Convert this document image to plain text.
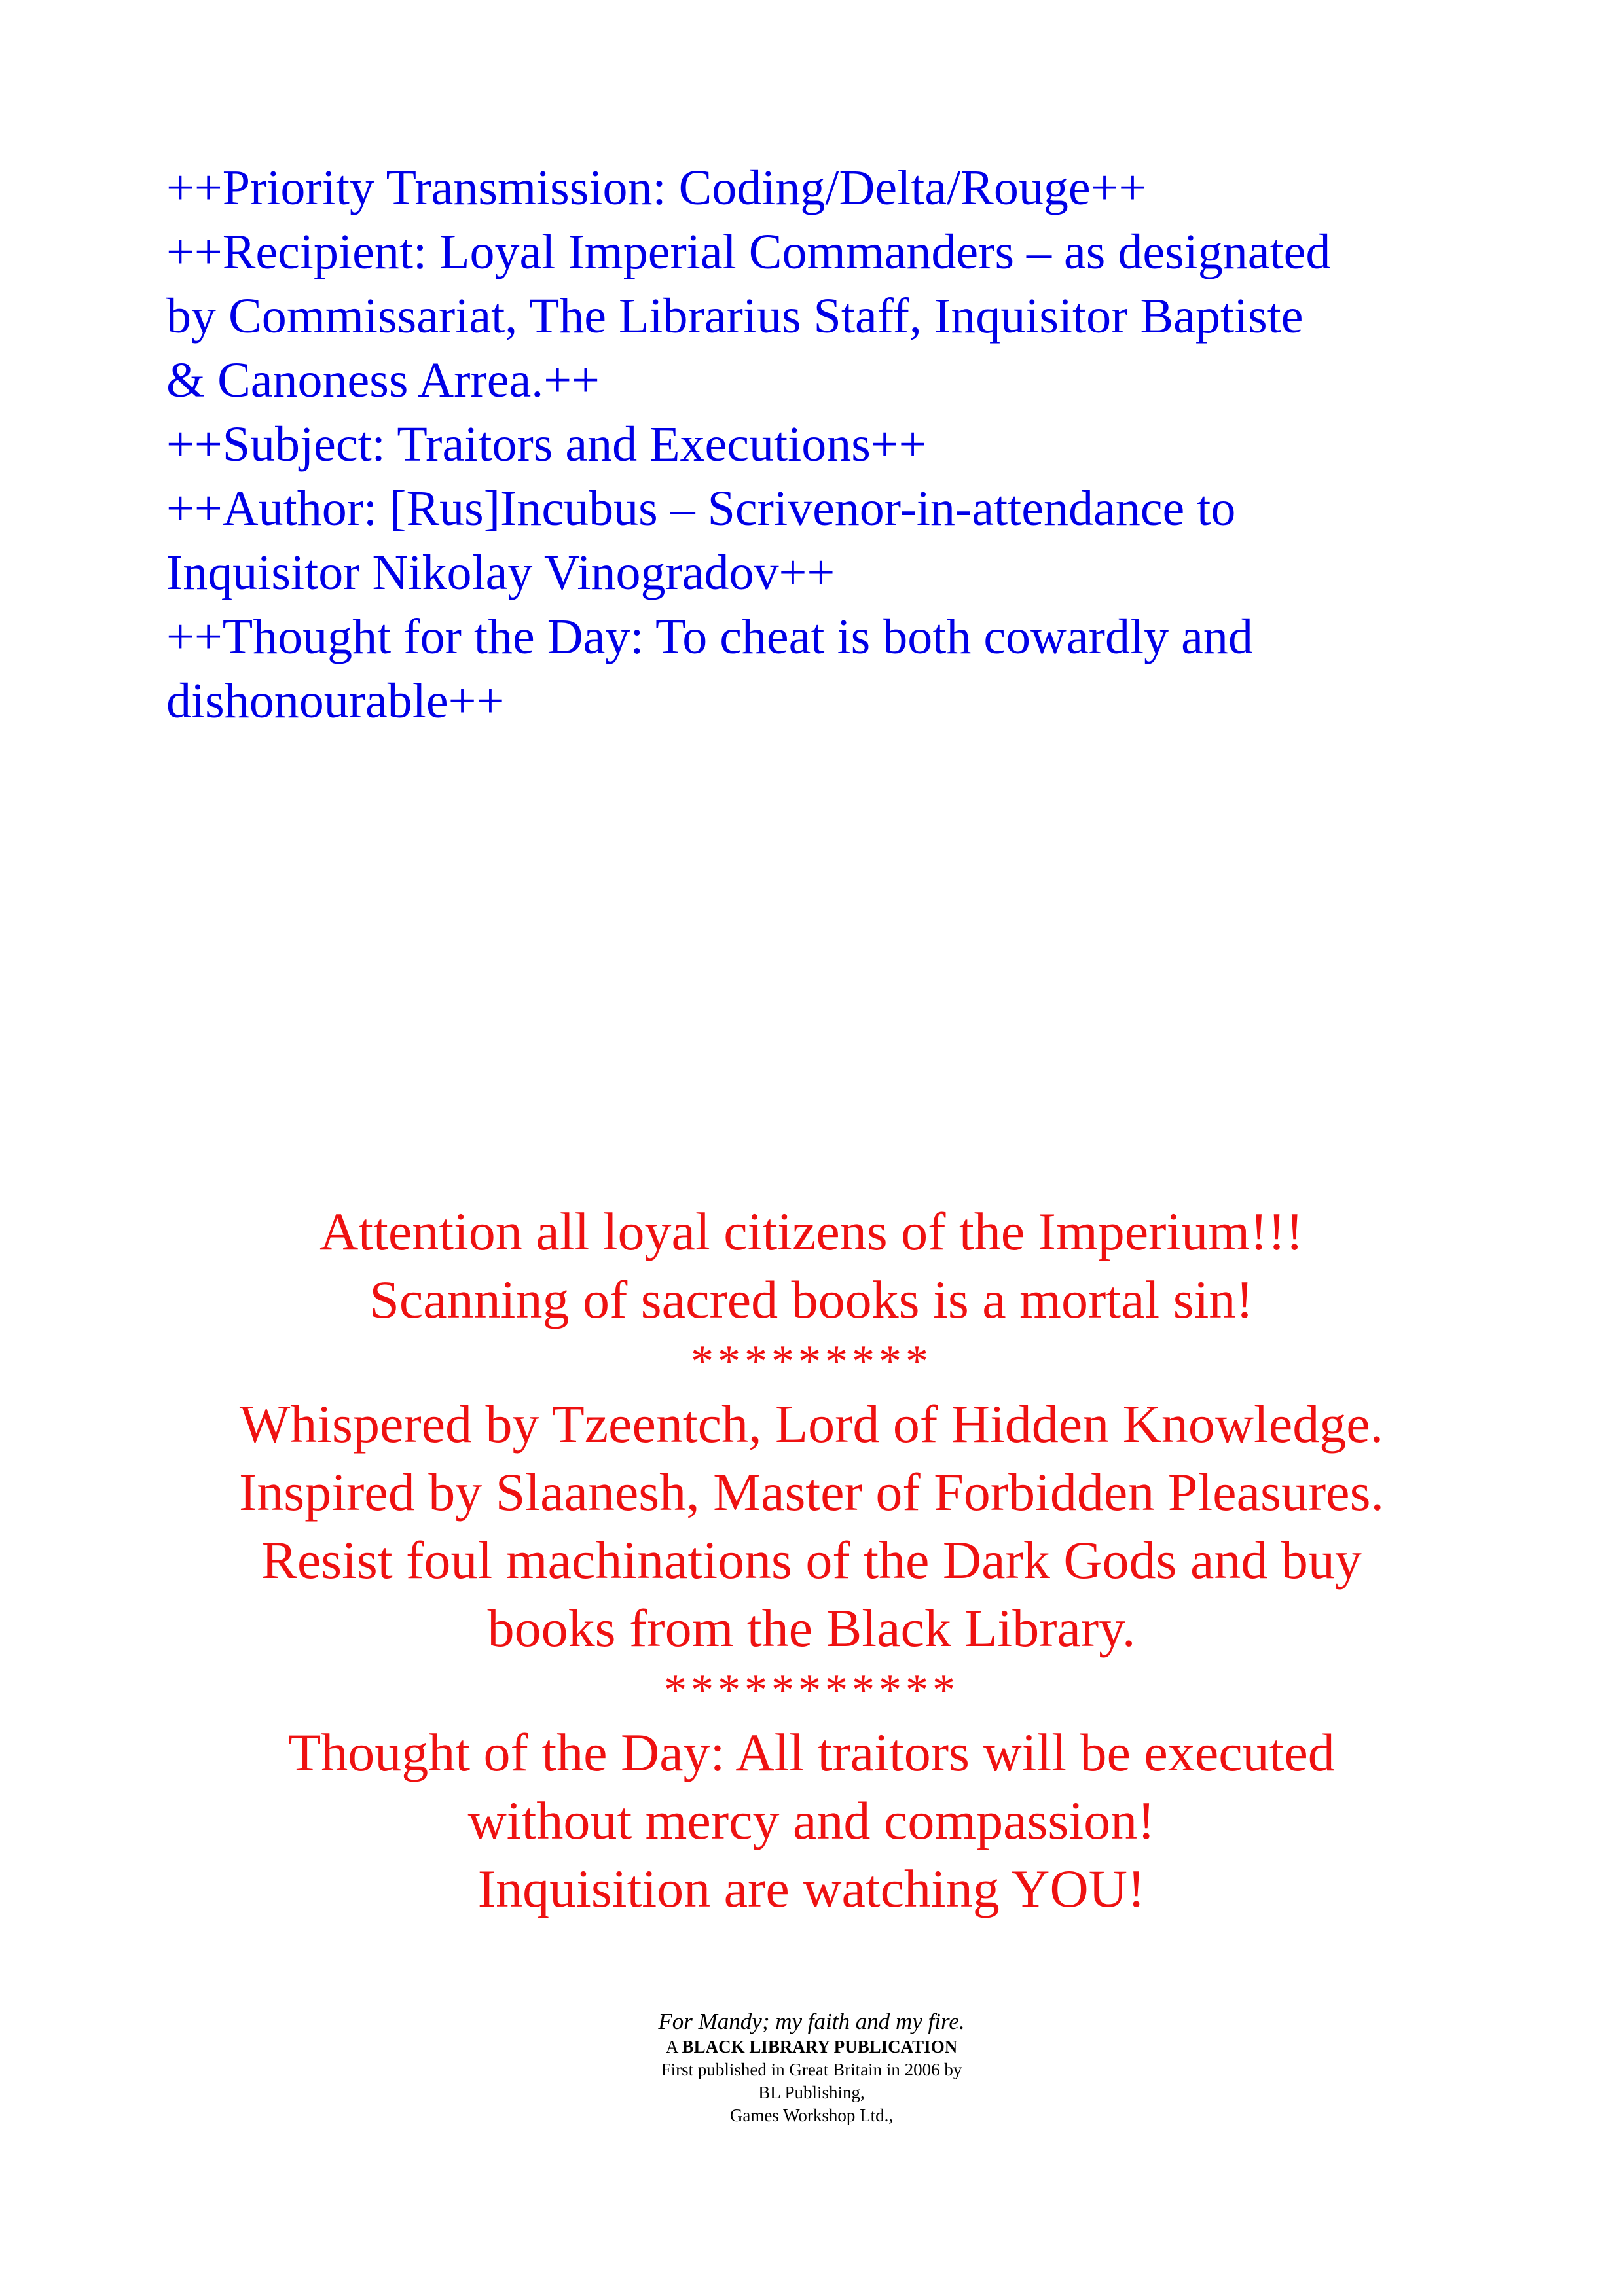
++Priority Transmission: Coding/Delta/Rouge++
++Recipient: Loyal Imperial Commanders – as designated
by Commissariat, The Librarius Staff, Inquisitor Baptiste
& Canoness Arrea.++
++Subject: Traitors and Executions++
++Author: [Rus]Incubus – Scrivenor-in-attendance to
Inquisitor Nikolay Vinogradov++
++Thought for the Day: To cheat is both cowardly and
dishonourable++
Attention all loyal citizens of the Imperium!!!
Scanning of sacred books is a mortal sin!
*********
Whispered by Tzeentch, Lord of Hidden Knowledge.
Inspired by Slaanesh, Master of Forbidden Pleasures.
Resist foul machinations of the Dark Gods and buy
books from the Black Library.
***********
Thought of the Day: All traitors will be executed
without mercy and compassion!
Inquisition are watching YOU!
For Mandy; my faith and my fire.
A BLACK LIBRARY PUBLICATION
First published in Great Britain in 2006 by
BL Publishing,
Games Workshop Ltd.,
